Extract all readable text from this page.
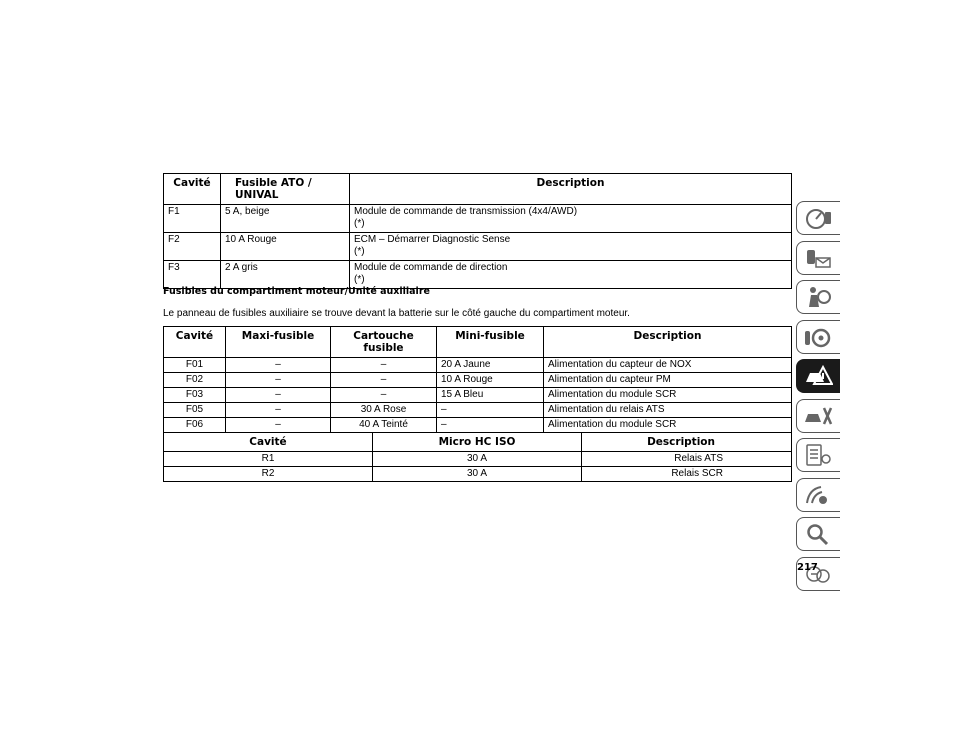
Cavité	Fusible ATO / UNIVAL	Description
F1	5 A, beige	Module de commande de transmission (4x4/AWD)
(*)

F2	10 A Rouge	ECM – Démarrer Diagnostic Sense
(*)

F3	2 A gris	Module de commande de direction
(*)
Fusibles du compartiment moteur/Unité auxiliaire
Le panneau de fusibles auxiliaire se trouve devant la batterie sur le côté gauche du compartiment moteur.
Cavité	Maxi-fusible	Cartouche fusible	Mini-fusible	Description
F01	–	–	20 A Jaune	Alimentation du capteur de NOX
F02	–	–	10 A Rouge	Alimentation du capteur PM
F03	–	–	15 A Bleu	Alimentation du module SCR
F05	–	30 A Rose	–	Alimentation du relais ATS
F06	–	40 A Teinté	–	Alimentation du module SCR
Cavité	Micro HC ISO	Description
R1	30 A	Relais ATS
R2	30 A	Relais SCR
217
